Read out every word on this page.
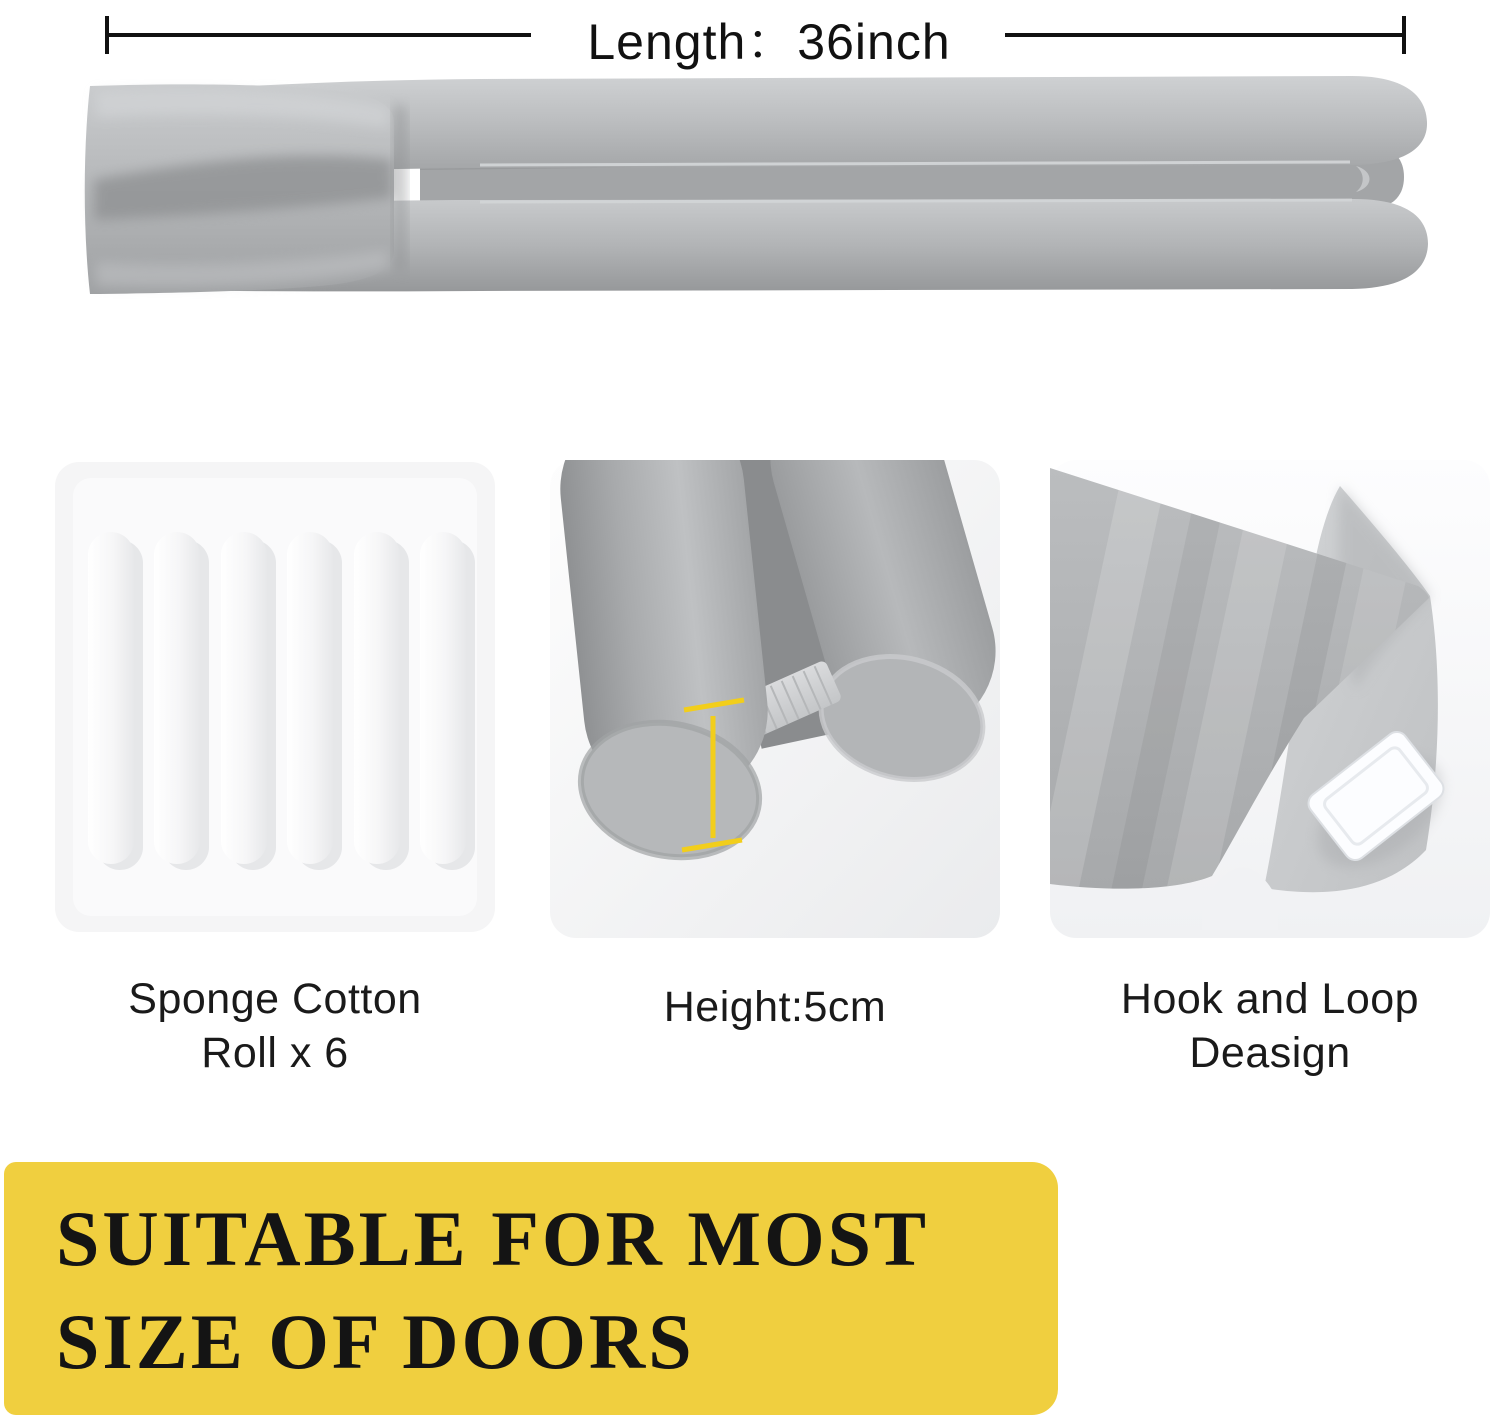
Length：36inch
Sponge Cotton
Roll x 6
Height:5cm	Hook and Loop
Deasign
SUITABLE FOR MOST
SIZE OF DOORS
